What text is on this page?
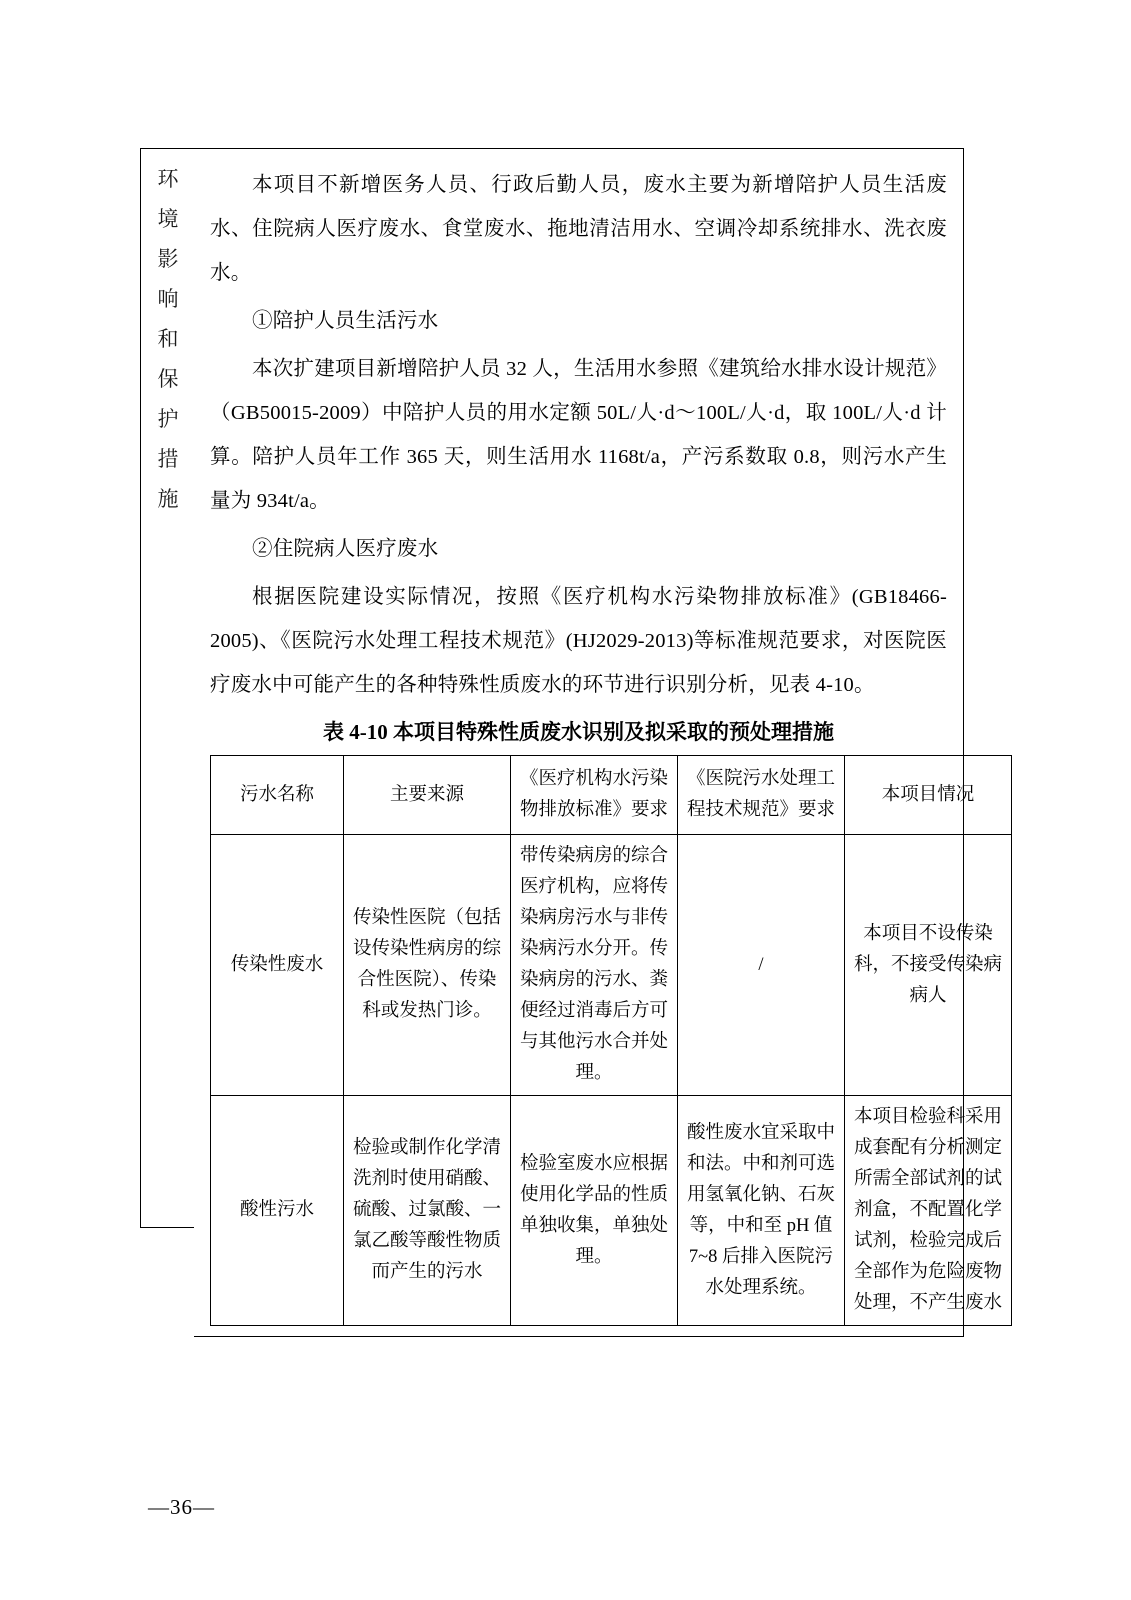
环
境
影
响
和
保
护
措
施

本项目不新增医务人员、行政后勤人员，废水主要为新增陪护人员生活废水、住院病人医疗废水、食堂废水、拖地清洁用水、空调冷却系统排水、洗衣废水。

①陪护人员生活污水

本次扩建项目新增陪护人员 32 人，生活用水参照《建筑给水排水设计规范》（GB50015-2009）中陪护人员的用水定额 50L/人·d～100L/人·d，取 100L/人·d 计算。陪护人员年工作 365 天，则生活用水 1168t/a，产污系数取 0.8，则污水产生量为 934t/a。

②住院病人医疗废水

根据医院建设实际情况，按照《医疗机构水污染物排放标准》(GB18466-2005)、《医院污水处理工程技术规范》(HJ2029-2013)等标准规范要求，对医院医疗废水中可能产生的各种特殊性质废水的环节进行识别分析，见表 4-10。

表 4-10 本项目特殊性质废水识别及拟采取的预处理措施
污水名称	主要来源	《医疗机构水污染物排放标准》要求	《医院污水处理工程技术规范》要求	本项目情况
传染性废水	传染性医院（包括设传染性病房的综合性医院）、传染科或发热门诊。	带传染病房的综合医疗机构，应将传染病房污水与非传染病污水分开。传染病房的污水、粪便经过消毒后方可与其他污水合并处理。	/	本项目不设传染科，不接受传染病病人
酸性污水	检验或制作化学清洗剂时使用硝酸、硫酸、过氯酸、一氯乙酸等酸性物质而产生的污水	检验室废水应根据使用化学品的性质单独收集，单独处理。	酸性废水宜采取中和法。中和剂可选用氢氧化钠、石灰等，中和至 pH 值 7~8 后排入医院污水处理系统。	本项目检验科采用成套配有分析测定所需全部试剂的试剂盒，不配置化学试剂，检验完成后全部作为危险废物处理，不产生废水
—36—
